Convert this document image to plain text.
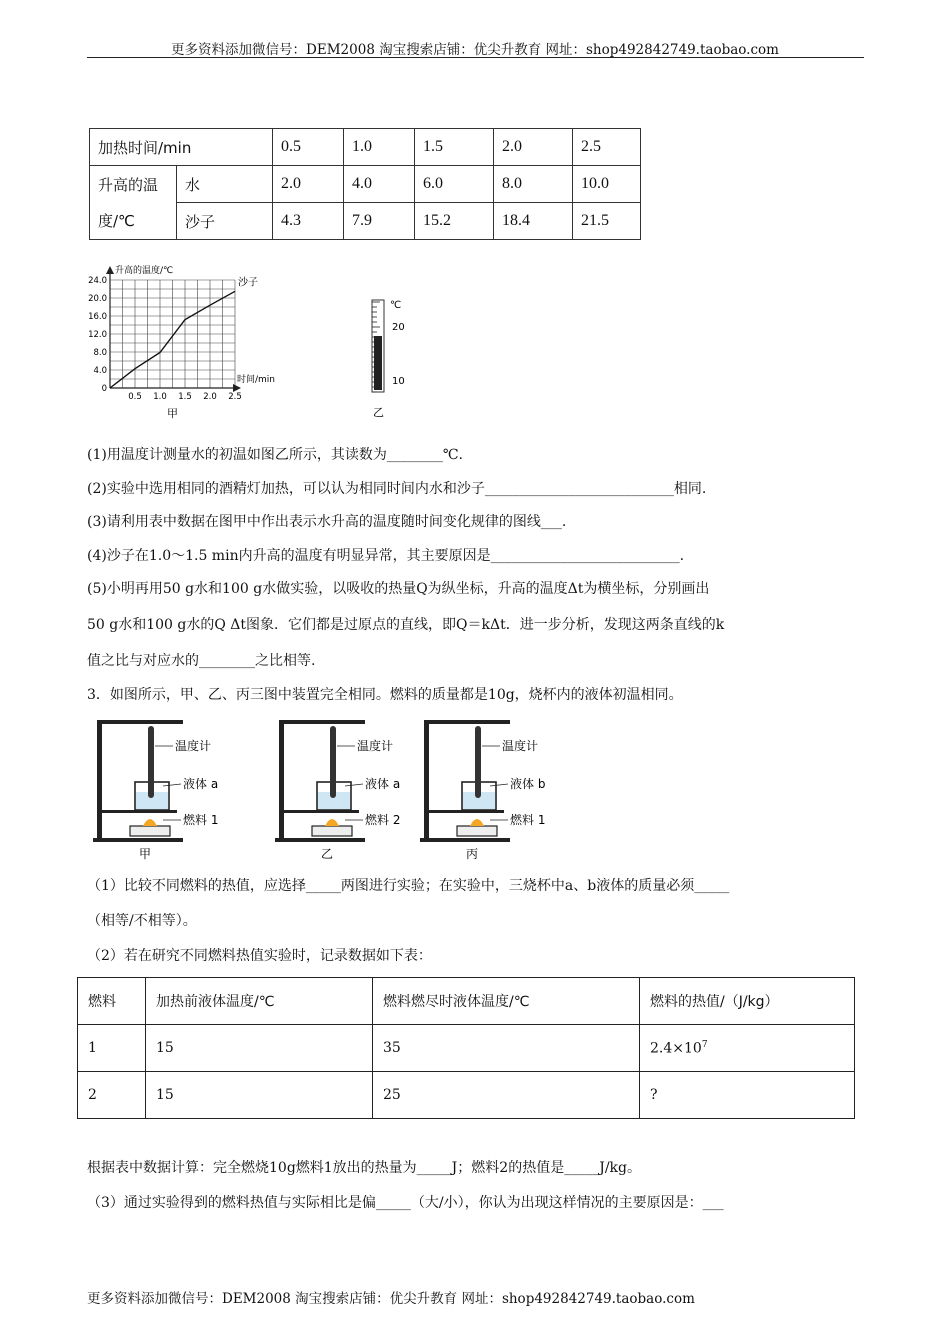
更多资料添加微信号：DEM2008 淘宝搜索店铺：优尖升教育 网址：shop492842749.taobao.com
加热时间/min		0.5	1.0	1.5	2.0	2.5
升高的温	水	2.0	4.0	6.0	8.0	10.0
度/℃	沙子	4.3	7.9	15.2	18.4	21.5
升高的温度/℃
时间/min
24.0
20.0
16.0
12.0
8.0
4.0
0
0.5 1.0 1.5 2.0 2.5
沙子
甲
℃
20
10
乙
(1)用温度计测量水的初温如图乙所示，其读数为________℃.
(2)实验中选用相同的酒精灯加热，可以认为相同时间内水和沙子___________________________相同.
(3)请利用表中数据在图甲中作出表示水升高的温度随时间变化规律的图线___.
(4)沙子在1.0～1.5 min内升高的温度有明显异常，其主要原因是___________________________.
(5)小明再用50 g水和100 g水做实验，以吸收的热量Q为纵坐标，升高的温度Δt为横坐标，分别画出
50 g水和100 g水的Q Δt图象．它们都是过原点的直线，即Q＝kΔt．进一步分析，发现这两条直线的k
值之比与对应水的________之比相等.
3．如图所示，甲、乙、丙三图中装置完全相同。燃料的质量都是10g，烧杯内的液体初温相同。
温度计
液体 a
燃料 1
甲
温度计
液体 a
燃料 2
乙
温度计
液体 b
燃料 1
丙
（1）比较不同燃料的热值，应选择_____两图进行实验；在实验中，三烧杯中a、b液体的质量必须_____
（相等/不相等）。
（2）若在研究不同燃料热值实验时，记录数据如下表：
燃料	加热前液体温度/℃	燃料燃尽时液体温度/℃	燃料的热值/（J/kg）
1	15	35	$2.4\times 10^7$
2	15	25	?
根据表中数据计算：完全燃烧10g燃料1放出的热量为_____J；燃料2的热值是_____J/kg。
（3）通过实验得到的燃料热值与实际相比是偏_____（大/小），你认为出现这样情况的主要原因是：___
更多资料添加微信号：DEM2008 淘宝搜索店铺：优尖升教育 网址：shop492842749.taobao.com
